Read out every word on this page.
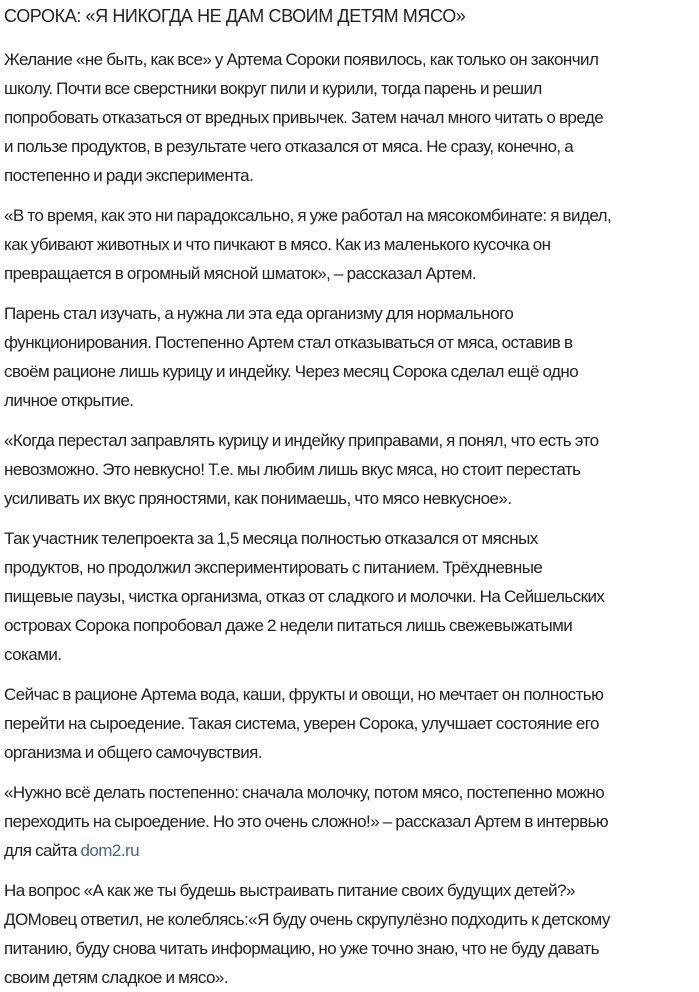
СОРОКА: «Я НИКОГДА НЕ ДАМ СВОИМ ДЕТЯМ МЯСО»

Желание «не быть, как все» у Артема Сороки появилось, как только он закончил
школу. Почти все сверстники вокруг пили и курили, тогда парень и решил
попробовать отказаться от вредных привычек. Затем начал много читать о вреде
и пользе продуктов, в результате чего отказался от мяса. Не сразу, конечно, а
постепенно и ради эксперимента.

«В то время, как это ни парадоксально, я уже работал на мясокомбинате: я видел,
как убивают животных и что пичкают в мясо. Как из маленького кусочка он
превращается в огромный мясной шматок», – рассказал Артем.

Парень стал изучать, а нужна ли эта еда организму для нормального
функционирования. Постепенно Артем стал отказываться от мяса, оставив в
своём рационе лишь курицу и индейку. Через месяц Сорока сделал ещё одно
личное открытие.

«Когда перестал заправлять курицу и индейку приправами, я понял, что есть это
невозможно. Это невкусно! Т.е. мы любим лишь вкус мяса, но стоит перестать
усиливать их вкус пряностями, как понимаешь, что мясо невкусное».

Так участник телепроекта за 1,5 месяца полностью отказался от мясных
продуктов, но продолжил экспериментировать с питанием. Трёхдневные
пищевые паузы, чистка организма, отказ от сладкого и молочки. На Сейшельских
островах Сорока попробовал даже 2 недели питаться лишь свежевыжатыми
соками.

Сейчас в рационе Артема вода, каши, фрукты и овощи, но мечтает он полностью
перейти на сыроедение. Такая система, уверен Сорока, улучшает состояние его
организма и общего самочувствия.

«Нужно всё делать постепенно: сначала молочку, потом мясо, постепенно можно
переходить на сыроедение. Но это очень сложно!» – рассказал Артем в интервью
для сайта dom2.ru

На вопрос «А как же ты будешь выстраивать питание своих будущих детей?»
ДОМовец ответил, не колеблясь:«Я буду очень скрупулёзно подходить к детскому
питанию, буду снова читать информацию, но уже точно знаю, что не буду давать
своим детям сладкое и мясо».
